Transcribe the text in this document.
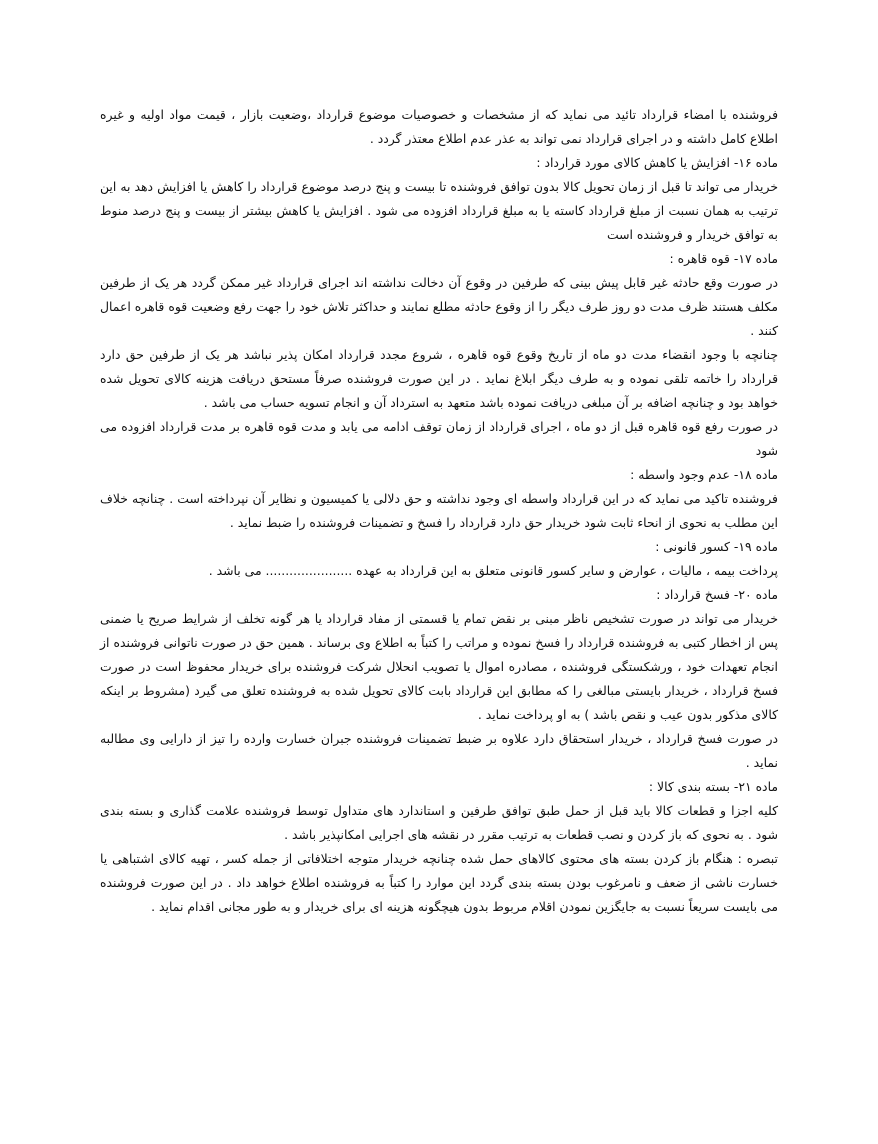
فروشنده با امضاء قرارداد تائید می نماید که از مشخصات و خصوصیات موضوع قرارداد ،وضعیت بازار ، قیمت مواد اولیه و غیره اطلاع کامل داشته و در اجرای قرارداد نمی تواند به عذر عدم اطلاع معتذر گردد .

ماده ۱۶- افزایش یا کاهش کالای مورد قرارداد :

خریدار می تواند تا قبل از زمان تحویل کالا بدون توافق فروشنده تا بیست و پنج درصد موضوع قرارداد را کاهش یا افزایش دهد به این ترتیب به همان نسبت از مبلغ قرارداد کاسته یا به مبلغ قرارداد افزوده می شود . افزایش یا کاهش بیشتر از بیست و پنج درصد منوط به توافق خریدار و فروشنده است

ماده ۱۷- قوه قاهره :

در صورت وقع حادثه غیر قابل پیش بینی که طرفین در وقوع آن دخالت نداشته اند اجرای قرارداد غیر ممکن گردد هر یک از طرفین مکلف هستند ظرف مدت دو روز طرف دیگر را از وقوع حادثه مطلع نمایند و حداکثر تلاش خود را جهت رفع وضعیت قوه قاهره اعمال کنند .

چنانچه با وجود انقضاء مدت دو ماه از تاریخ وقوع قوه قاهره ، شروع مجدد قرارداد امکان پذیر نباشد هر یک از طرفین حق دارد قرارداد را خاتمه تلقی نموده و به طرف دیگر ابلاغ نماید . در این صورت فروشنده صرفاً مستحق دریافت هزینه کالای تحویل شده خواهد بود و چنانچه اضافه بر آن مبلغی دریافت نموده باشد متعهد به استرداد آن و انجام تسویه حساب می باشد .

در صورت رفع قوه قاهره قبل از دو ماه ، اجرای قرارداد از زمان توقف ادامه می یابد و مدت قوه قاهره بر مدت قرارداد افزوده می شود

ماده ۱۸- عدم وجود واسطه :

فروشنده تاکید می نماید که در این قرارداد واسطه ای وجود نداشته و حق دلالی یا کمیسیون و نظایر آن نپرداخته است . چنانچه خلاف این مطلب به نحوی از انحاء ثابت شود خریدار حق دارد قرارداد را فسخ و تضمینات فروشنده را ضبط نماید .

ماده ۱۹- کسور قانونی :

پرداخت بیمه ، مالیات ، عوارض و سایر کسور قانونی متعلق به این قرارداد به عهده ...................... می باشد .

ماده ۲۰- فسخ قرارداد :

خریدار می تواند در صورت تشخیص ناظر مبنی بر نقض تمام یا قسمتی از مفاد قرارداد یا هر گونه تخلف از شرایط صریح یا ضمنی پس از اخطار کتبی به فروشنده قرارداد را فسخ نموده و مراتب را کتباً به اطلاع وی برساند . همین حق در صورت ناتوانی فروشنده از انجام تعهدات خود ، ورشکستگی فروشنده ، مصادره اموال یا تصویب انحلال شرکت فروشنده برای خریدار محفوظ است در صورت فسخ قرارداد ، خریدار بایستی مبالغی را که مطابق این قرارداد بابت کالای تحویل شده به فروشنده تعلق می گیرد (مشروط بر اینکه کالای مذکور بدون عیب و نقص باشد ) به او پرداخت نماید .

در صورت فسخ قرارداد ، خریدار استحقاق دارد علاوه بر ضبط تضمینات فروشنده جبران خسارت وارده را تیز از دارایی وی مطالبه نماید .

ماده ۲۱- بسته بندی کالا :

کلیه اجزا و قطعات کالا باید قبل از حمل طبق توافق طرفین و استاندارد های متداول توسط فروشنده علامت گذاری و بسته بندی شود . به نحوی که باز کردن و نصب قطعات به ترتیب مقرر در نقشه های اجرایی امکانپذیر باشد .

تبصره : هنگام باز کردن بسته های محتوی کالاهای حمل شده چنانچه خریدار متوجه اختلافاتی از جمله کسر ، تهیه کالای اشتباهی یا خسارت ناشی از ضعف و نامرغوب بودن بسته بندی گردد این موارد را کتباً به فروشنده اطلاع خواهد داد . در این صورت فروشنده می بایست سریعاً نسبت به جایگزین نمودن اقلام مربوط بدون هیچگونه هزینه ای برای خریدار و به طور مجانی اقدام نماید .
